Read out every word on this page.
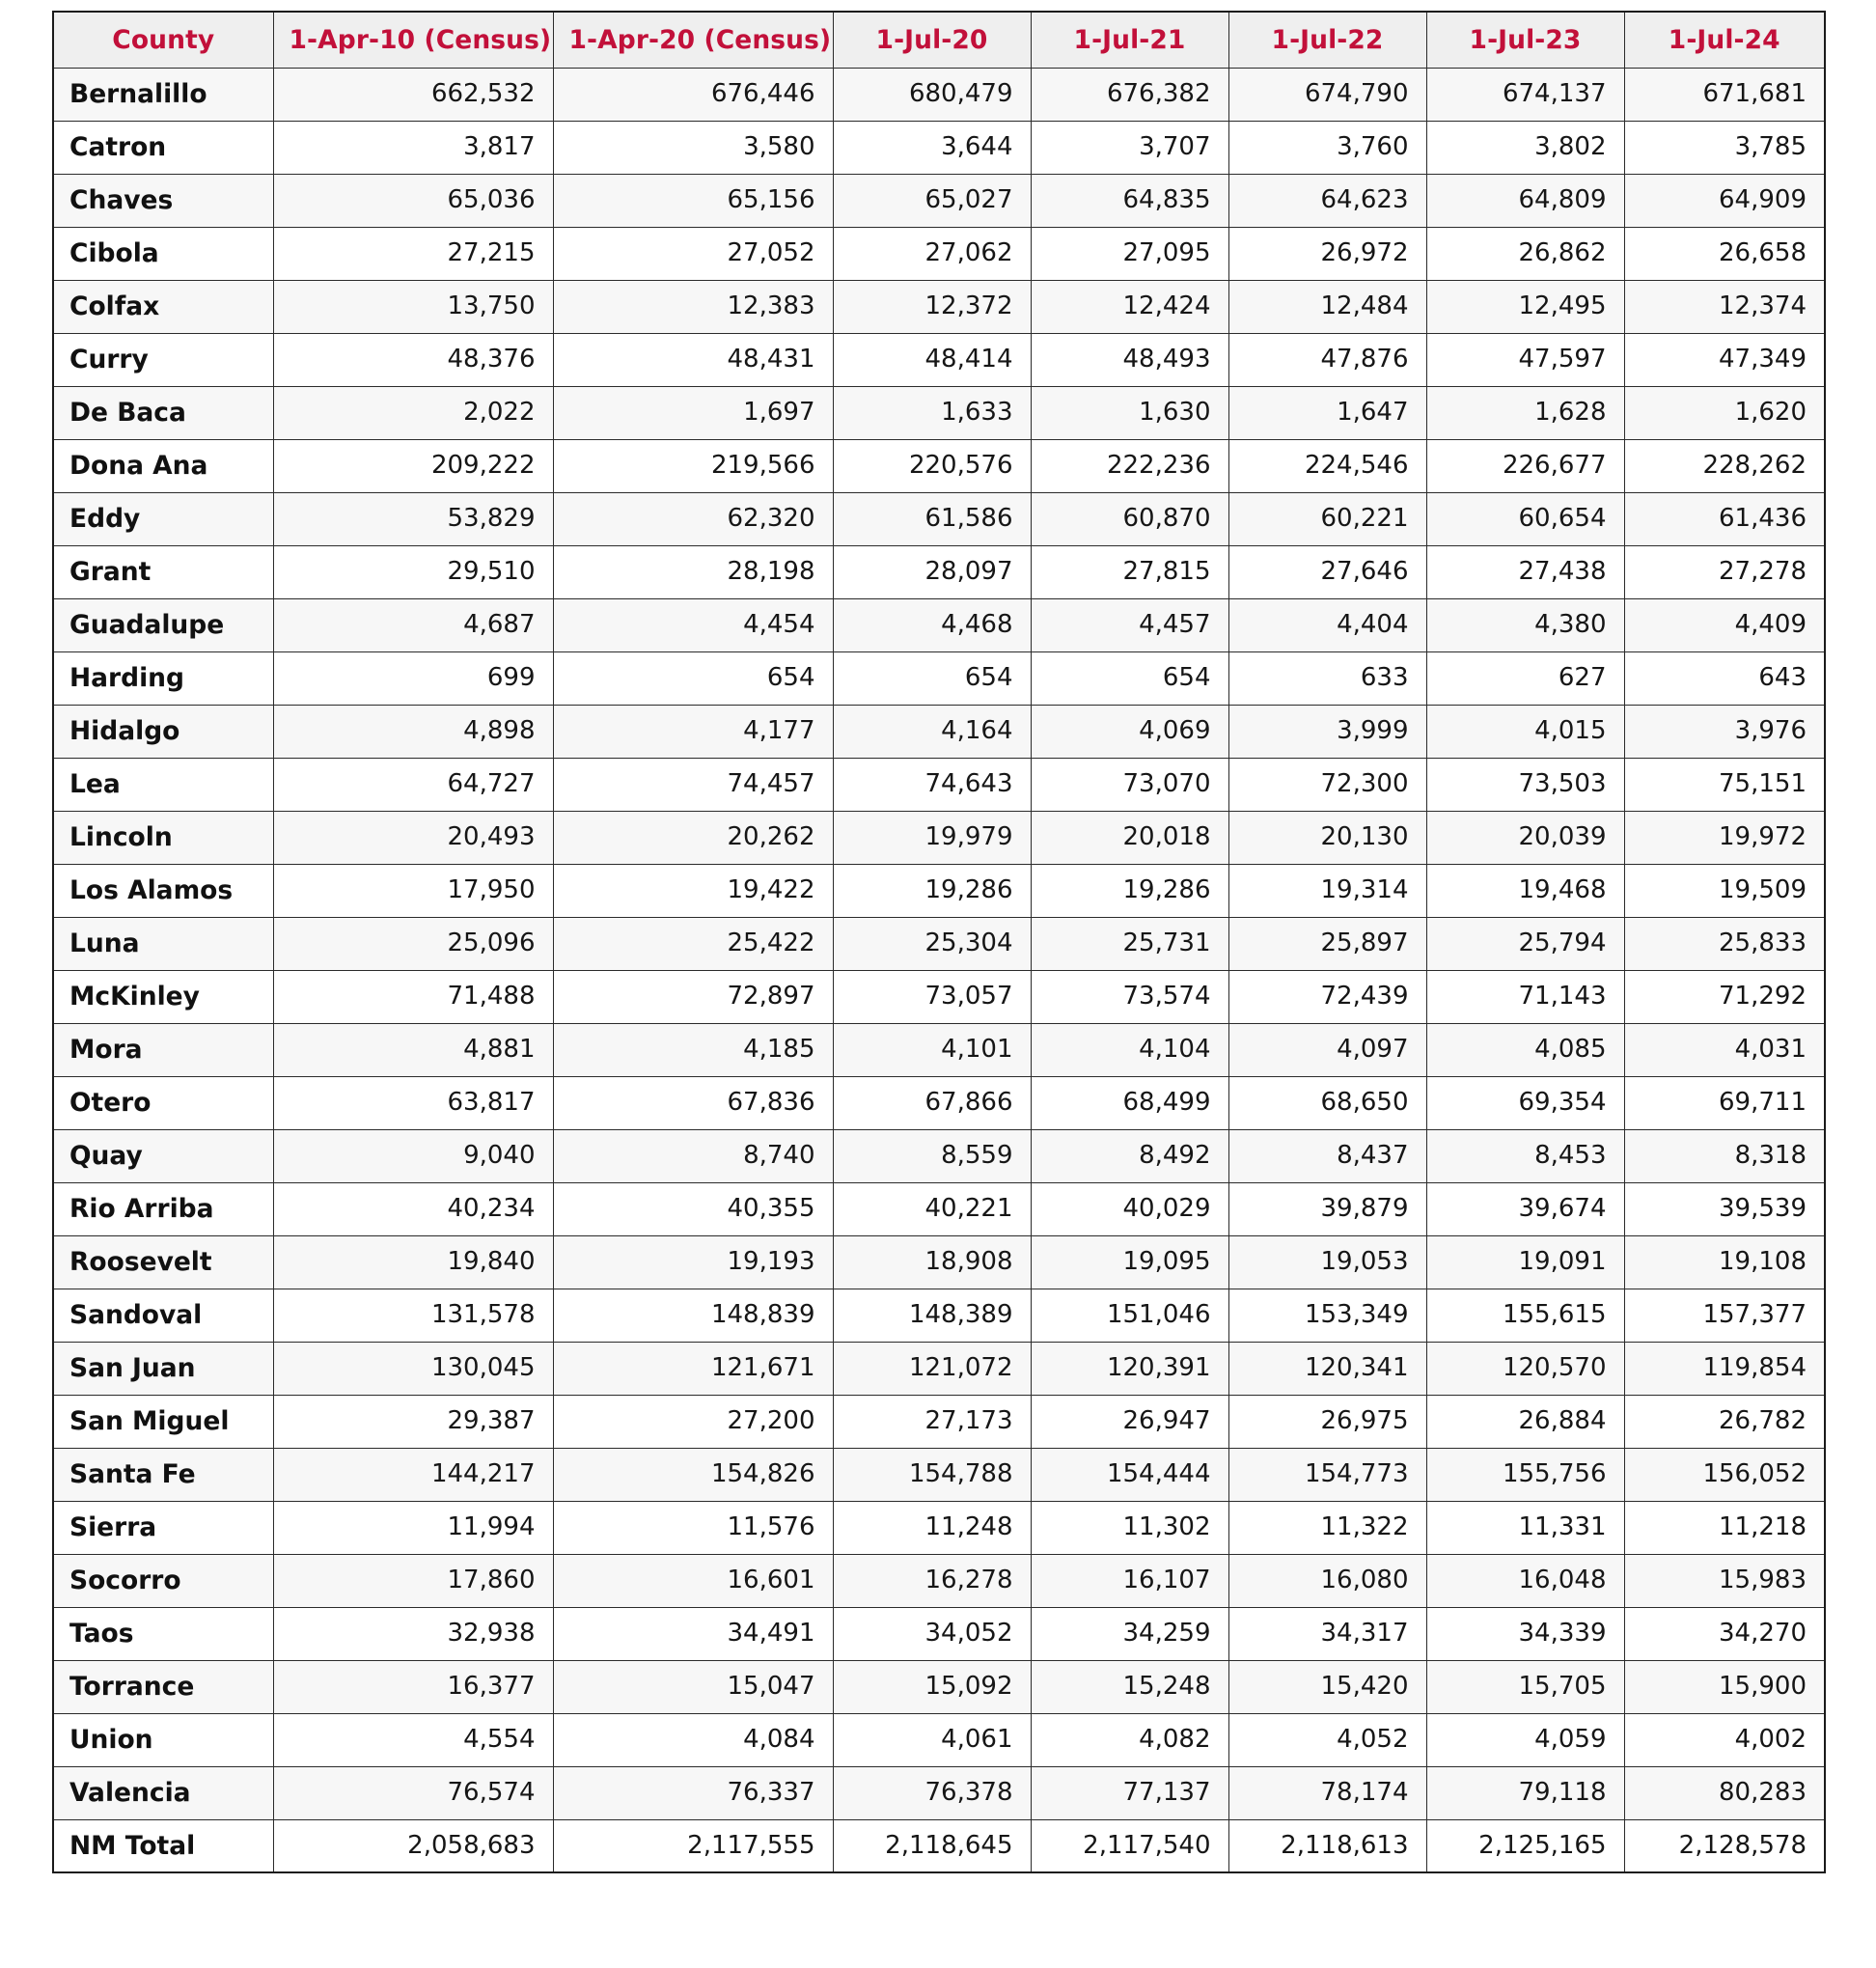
County	1-Apr-10 (Census)	1-Apr-20 (Census)	1-Jul-20	1-Jul-21	1-Jul-22	1-Jul-23	1-Jul-24
Bernalillo	662,532	676,446	680,479	676,382	674,790	674,137	671,681
Catron	3,817	3,580	3,644	3,707	3,760	3,802	3,785
Chaves	65,036	65,156	65,027	64,835	64,623	64,809	64,909
Cibola	27,215	27,052	27,062	27,095	26,972	26,862	26,658
Colfax	13,750	12,383	12,372	12,424	12,484	12,495	12,374
Curry	48,376	48,431	48,414	48,493	47,876	47,597	47,349
De Baca	2,022	1,697	1,633	1,630	1,647	1,628	1,620
Dona Ana	209,222	219,566	220,576	222,236	224,546	226,677	228,262
Eddy	53,829	62,320	61,586	60,870	60,221	60,654	61,436
Grant	29,510	28,198	28,097	27,815	27,646	27,438	27,278
Guadalupe	4,687	4,454	4,468	4,457	4,404	4,380	4,409
Harding	699	654	654	654	633	627	643
Hidalgo	4,898	4,177	4,164	4,069	3,999	4,015	3,976
Lea	64,727	74,457	74,643	73,070	72,300	73,503	75,151
Lincoln	20,493	20,262	19,979	20,018	20,130	20,039	19,972
Los Alamos	17,950	19,422	19,286	19,286	19,314	19,468	19,509
Luna	25,096	25,422	25,304	25,731	25,897	25,794	25,833
McKinley	71,488	72,897	73,057	73,574	72,439	71,143	71,292
Mora	4,881	4,185	4,101	4,104	4,097	4,085	4,031
Otero	63,817	67,836	67,866	68,499	68,650	69,354	69,711
Quay	9,040	8,740	8,559	8,492	8,437	8,453	8,318
Rio Arriba	40,234	40,355	40,221	40,029	39,879	39,674	39,539
Roosevelt	19,840	19,193	18,908	19,095	19,053	19,091	19,108
Sandoval	131,578	148,839	148,389	151,046	153,349	155,615	157,377
San Juan	130,045	121,671	121,072	120,391	120,341	120,570	119,854
San Miguel	29,387	27,200	27,173	26,947	26,975	26,884	26,782
Santa Fe	144,217	154,826	154,788	154,444	154,773	155,756	156,052
Sierra	11,994	11,576	11,248	11,302	11,322	11,331	11,218
Socorro	17,860	16,601	16,278	16,107	16,080	16,048	15,983
Taos	32,938	34,491	34,052	34,259	34,317	34,339	34,270
Torrance	16,377	15,047	15,092	15,248	15,420	15,705	15,900
Union	4,554	4,084	4,061	4,082	4,052	4,059	4,002
Valencia	76,574	76,337	76,378	77,137	78,174	79,118	80,283
NM Total	2,058,683	2,117,555	2,118,645	2,117,540	2,118,613	2,125,165	2,128,578
